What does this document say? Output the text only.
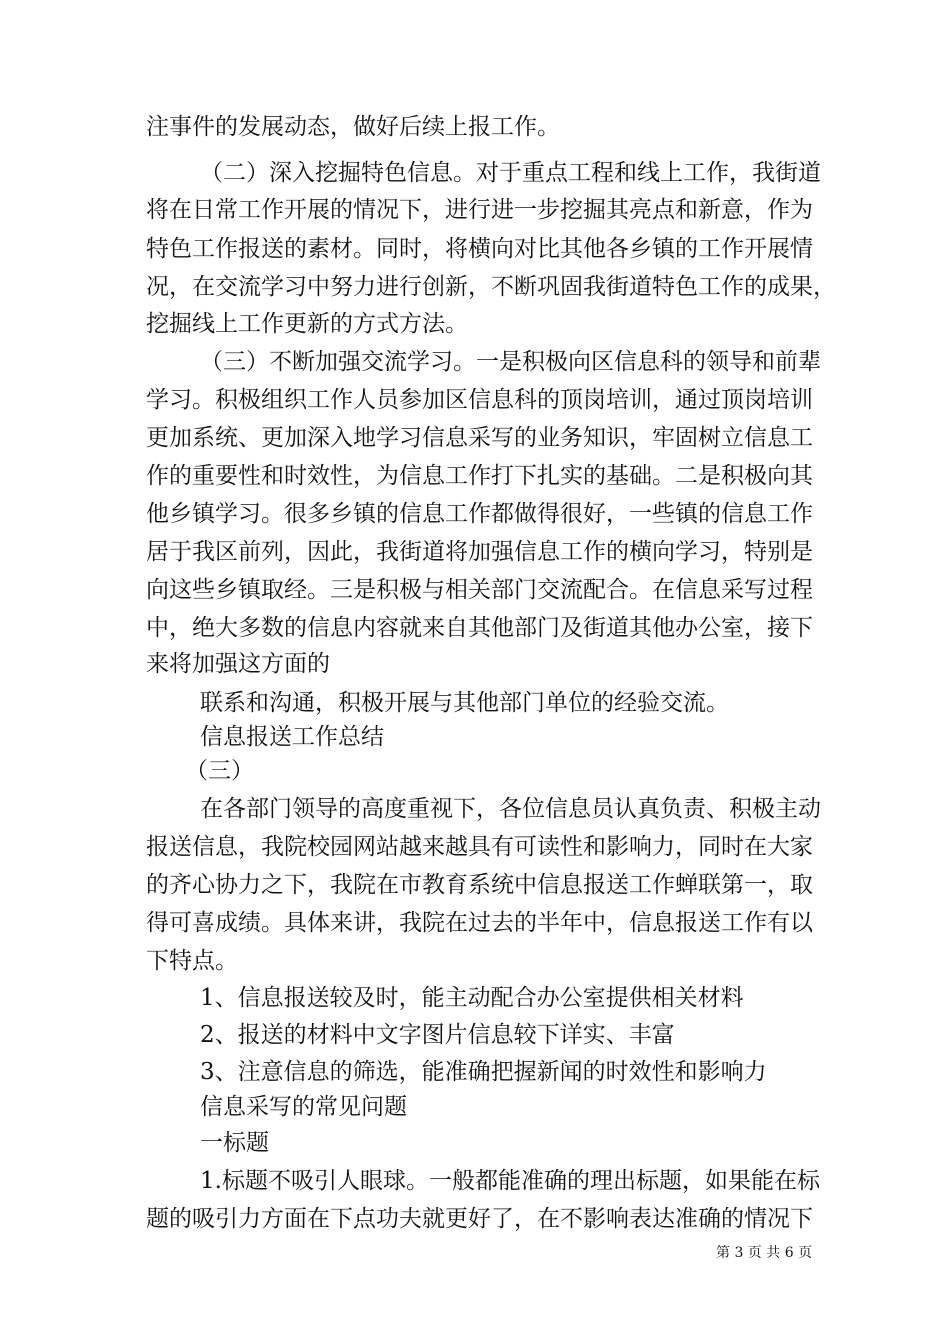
注事件的发展动态，做好后续上报工作。
（二）深入挖掘特色信息。对于重点工程和线上工作，我街道
将在日常工作开展的情况下，进行进一步挖掘其亮点和新意，作为
特色工作报送的素材。同时，将横向对比其他各乡镇的工作开展情
况，在交流学习中努力进行创新，不断巩固我街道特色工作的成果，
挖掘线上工作更新的方式方法。
（三）不断加强交流学习。一是积极向区信息科的领导和前辈
学习。积极组织工作人员参加区信息科的顶岗培训，通过顶岗培训
更加系统、更加深入地学习信息采写的业务知识，牢固树立信息工
作的重要性和时效性，为信息工作打下扎实的基础。二是积极向其
他乡镇学习。很多乡镇的信息工作都做得很好，一些镇的信息工作
居于我区前列，因此，我街道将加强信息工作的横向学习，特别是
向这些乡镇取经。三是积极与相关部门交流配合。在信息采写过程
中，绝大多数的信息内容就来自其他部门及街道其他办公室，接下
来将加强这方面的
联系和沟通，积极开展与其他部门单位的经验交流。
信息报送工作总结
（三）
在各部门领导的高度重视下，各位信息员认真负责、积极主动
报送信息，我院校园网站越来越具有可读性和影响力，同时在大家
的齐心协力之下，我院在市教育系统中信息报送工作蝉联第一，取
得可喜成绩。具体来讲，我院在过去的半年中，信息报送工作有以
下特点。
1、信息报送较及时，能主动配合办公室提供相关材料
2、报送的材料中文字图片信息较下详实、丰富
3、注意信息的筛选，能准确把握新闻的时效性和影响力
信息采写的常见问题
一标题
1.标题不吸引人眼球。一般都能准确的理出标题，如果能在标
题的吸引力方面在下点功夫就更好了，在不影响表达准确的情况下
第 3 页 共 6 页
